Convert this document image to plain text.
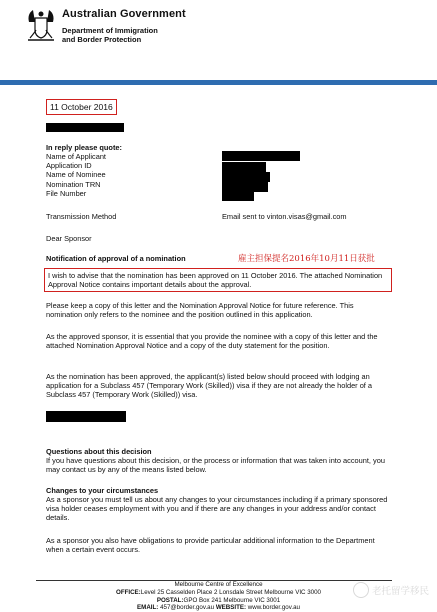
Australian Government
Department of Immigration
and Border Protection
11 October 2016
In reply please quote:
Name of Applicant
Application ID
Name of Nominee
Nomination TRN
File Number
Transmission Method	Email sent to vinton.visas@gmail.com
Dear Sponsor
Notification of approval of a nomination	雇主担保提名2016年10月11日获批
I wish to advise that the nomination has been approved on 11 October 2016. The attached Nomination Approval Notice contains important details about the approval.
Please keep a copy of this letter and the Nomination Approval Notice for future reference. This nomination only refers to the nominee and the position outlined in this application.
As the approved sponsor, it is essential that you provide the nominee with a copy of this letter and the attached Nomination Approval Notice and a copy of the duty statement for the position.
As the nomination has been approved, the applicant(s) listed below should proceed with lodging an application for a Subclass 457 (Temporary Work (Skilled)) visa if they are not already the holder of a Subclass 457 (Temporary Work (Skilled)) visa.
Questions about this decision
If you have questions about this decision, or the process or information that was taken into account, you may contact us by any of the means listed below.
Changes to your circumstances
As a sponsor you must tell us about any changes to your circumstances including if a primary sponsored visa holder ceases employment with you and if there are any changes in your address and/or contact details.
As a sponsor you also have obligations to provide particular additional information to the Department when a certain event occurs.
Melbourne Centre of Excellence
OFFICE:Level 25 Casselden Place 2 Lonsdale Street Melbourne VIC 3000
POSTAL:GPO Box 241 Melbourne VIC 3001
EMAIL: 457@border.gov.au WEBSITE: www.border.gov.au
老托留学移民
